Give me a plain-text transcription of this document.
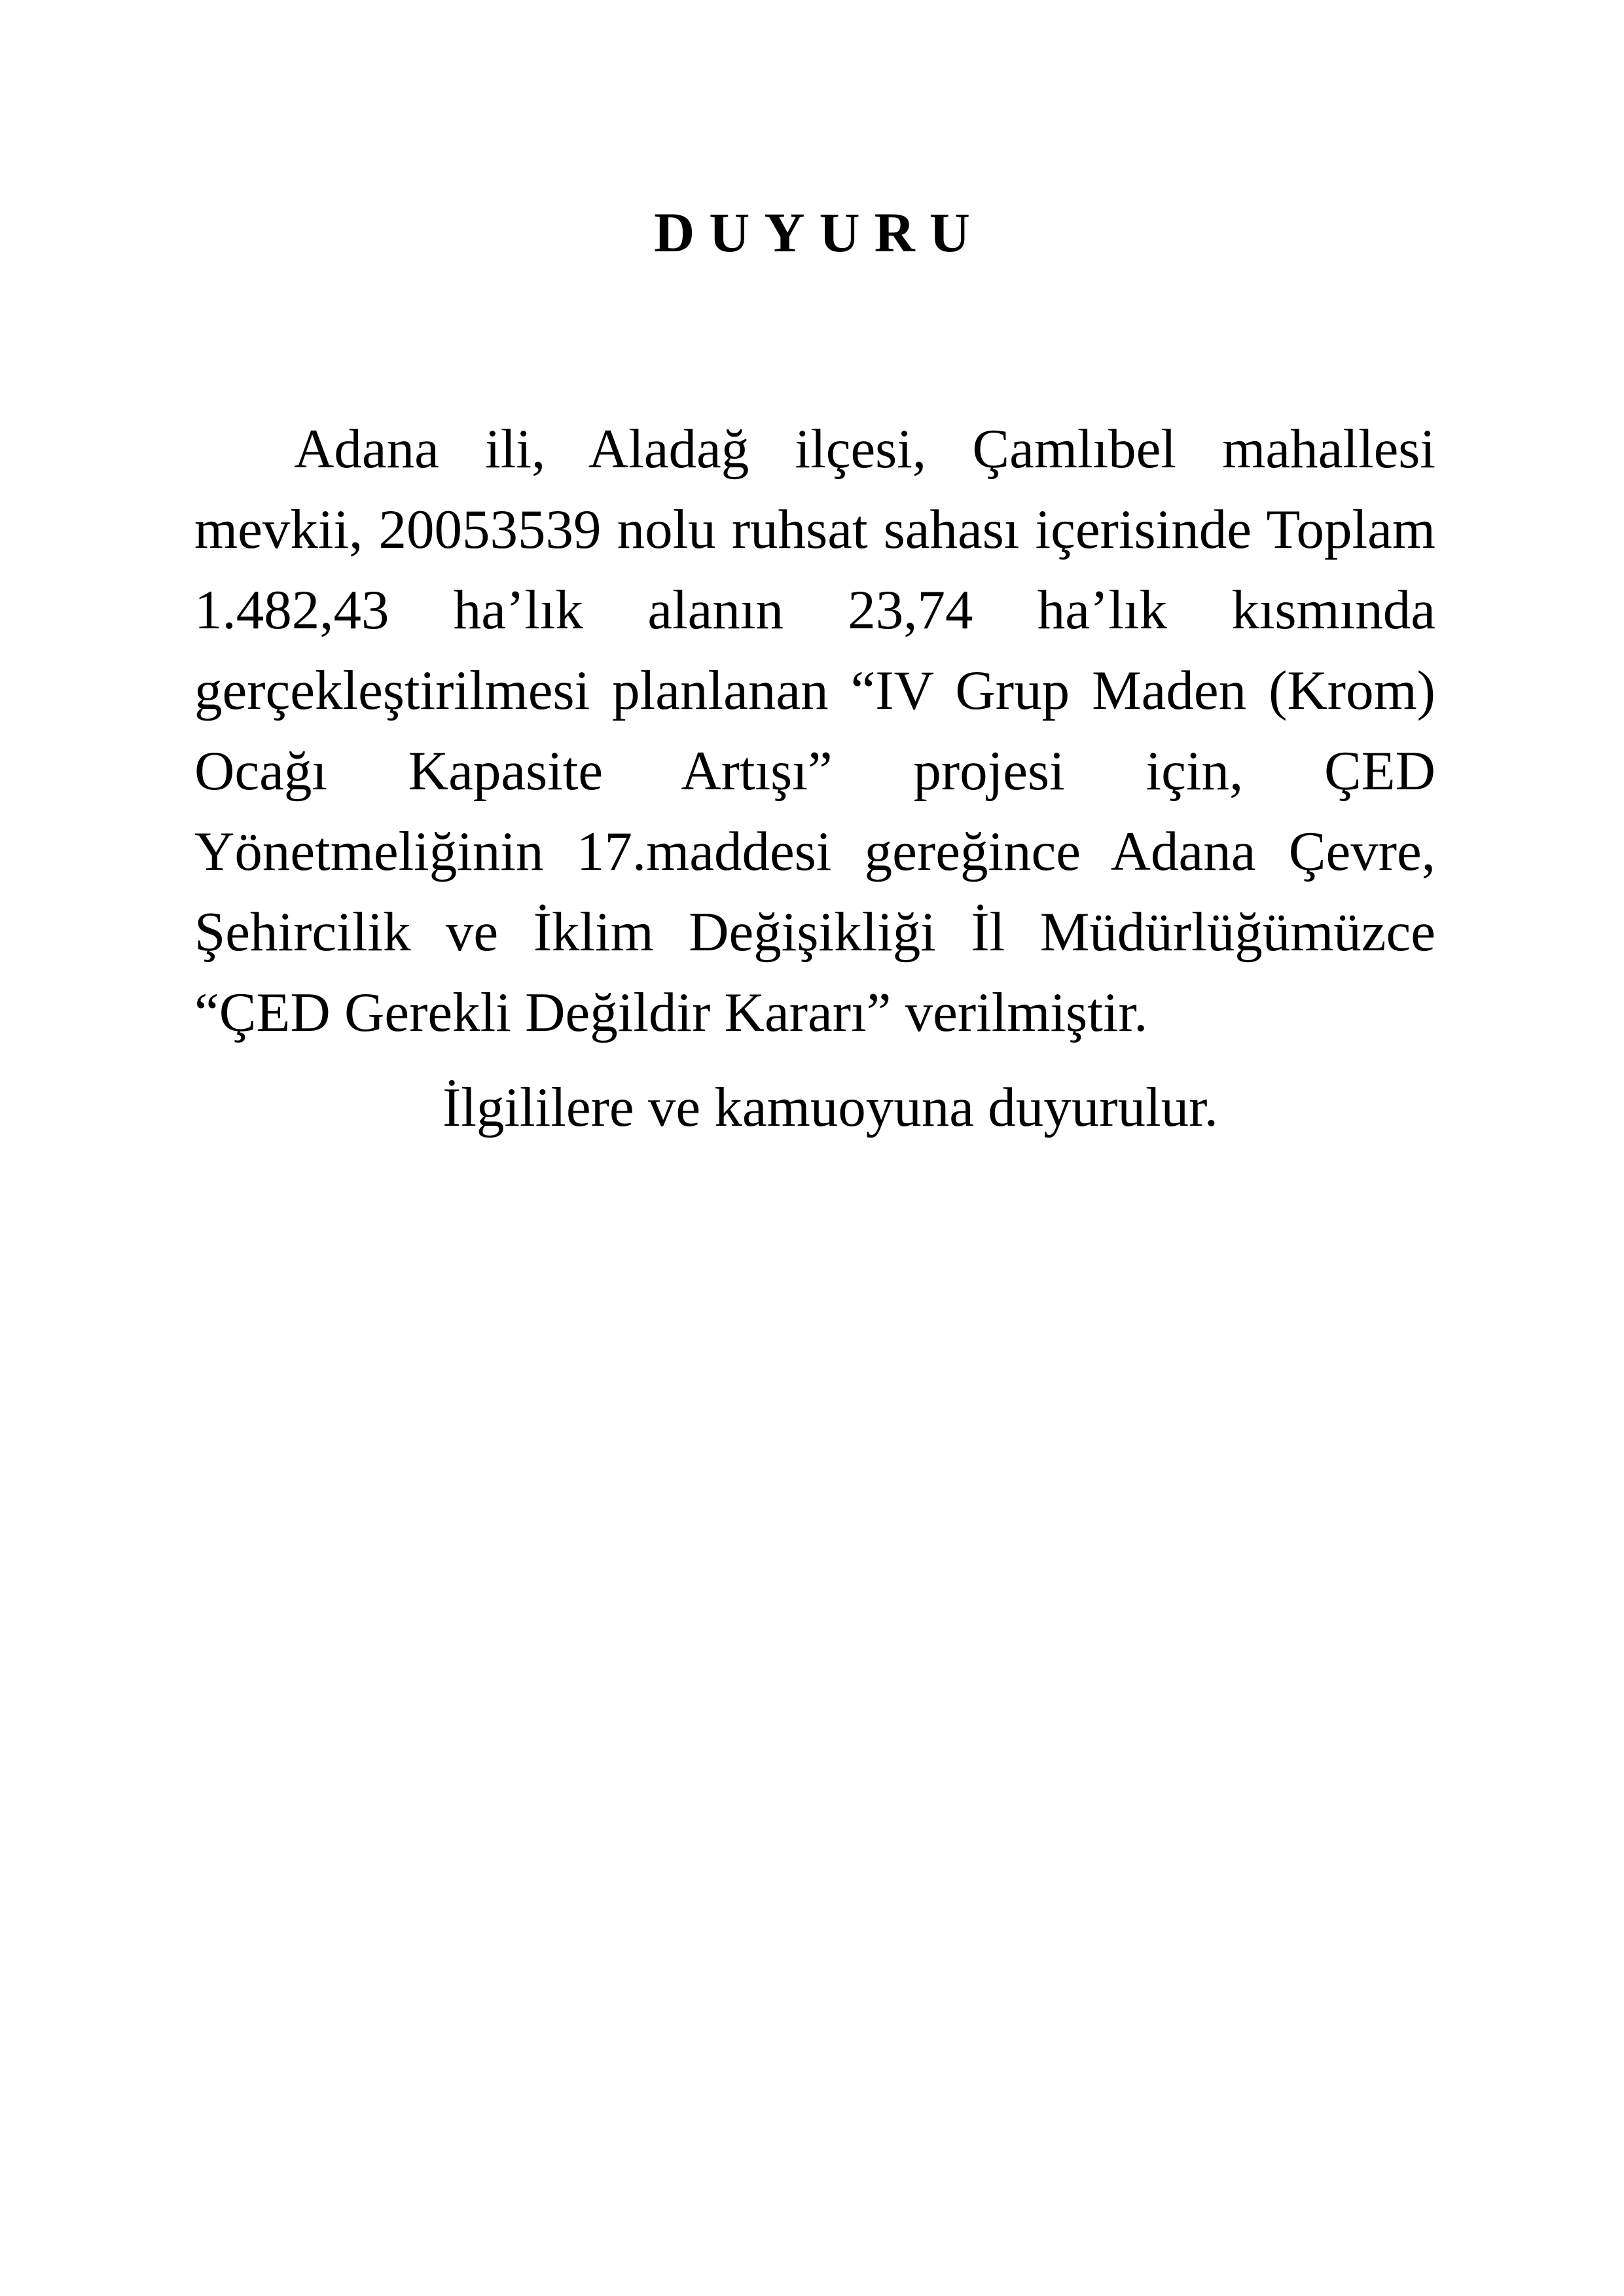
DUYURU

Adana ili, Aladağ ilçesi, Çamlıbel mahallesi mevkii, 20053539 nolu ruhsat sahası içerisinde Toplam 1.482,43 ha’lık alanın 23,74 ha’lık kısmında gerçekleştirilmesi planlanan “IV Grup Maden (Krom) Ocağı Kapasite Artışı” projesi için, ÇED Yönetmeliğinin 17.maddesi gereğince Adana Çevre, Şehircilik ve İklim Değişikliği İl Müdürlüğümüzce “ÇED Gerekli Değildir Kararı” verilmiştir.

İlgililere ve kamuoyuna duyurulur.
